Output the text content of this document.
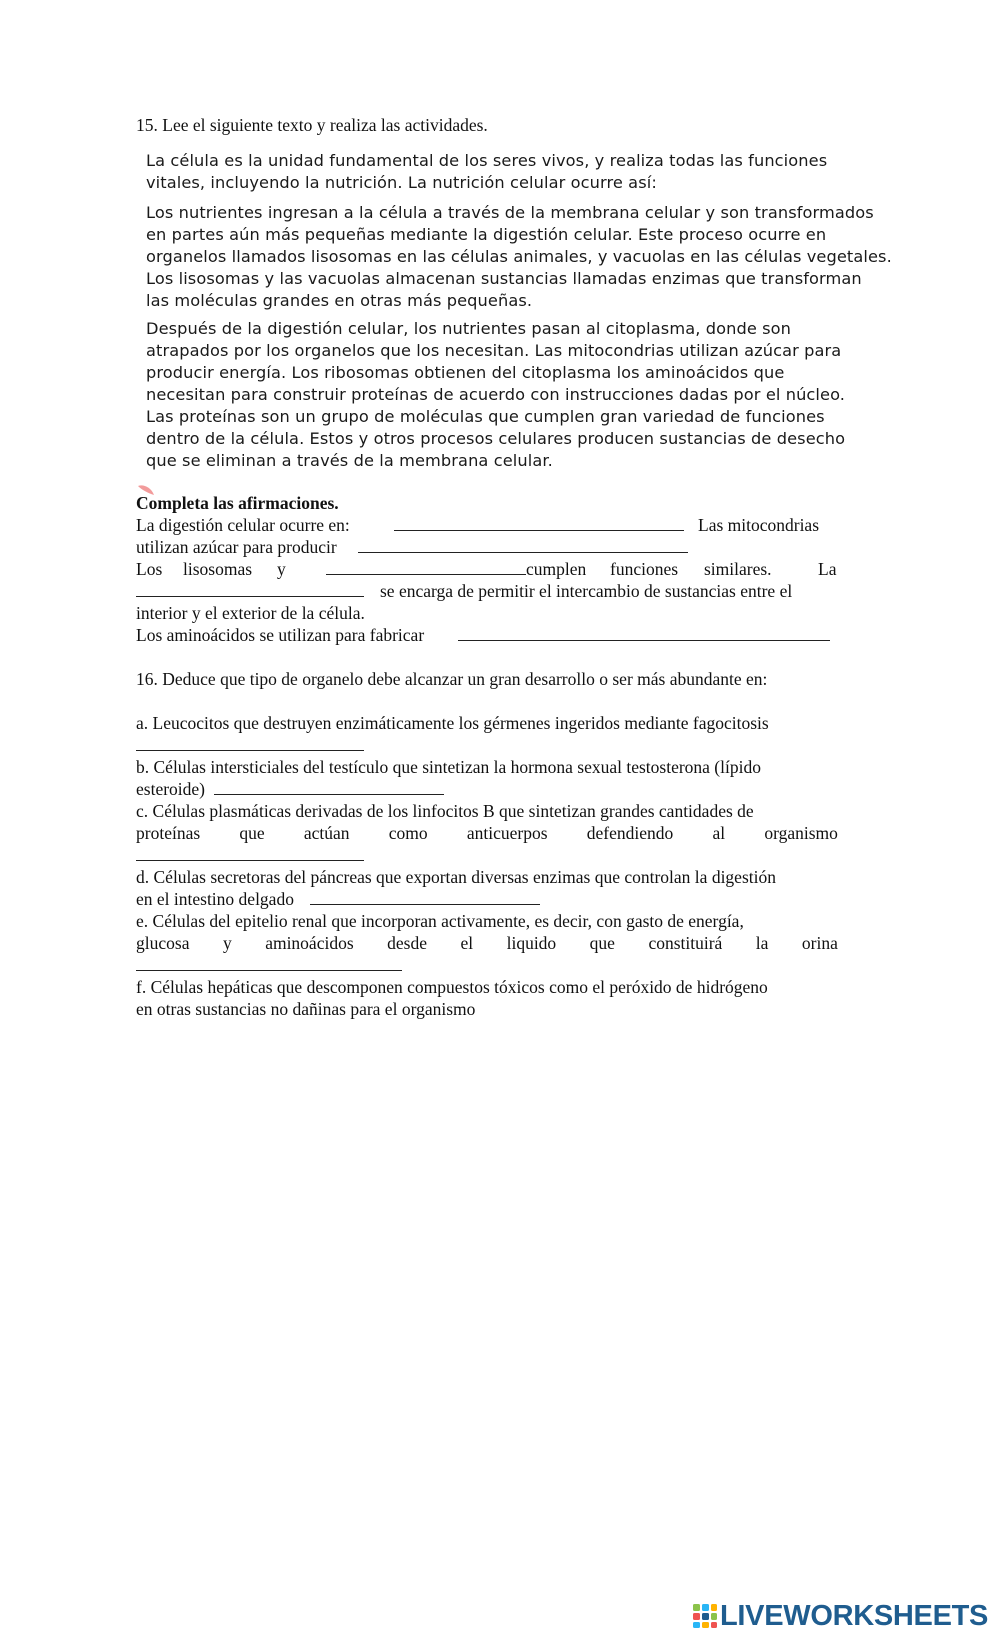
15. Lee el siguiente texto y realiza las actividades.
La célula es la unidad fundamental de los seres vivos, y realiza todas las funciones
vitales, incluyendo la nutrición. La nutrición celular ocurre así:
Los nutrientes ingresan a la célula a través de la membrana celular y son transformados
en partes aún más pequeñas mediante la digestión celular. Este proceso ocurre en
organelos llamados lisosomas en las células animales, y vacuolas en las células vegetales.
Los lisosomas y las vacuolas almacenan sustancias llamadas enzimas que transforman
las moléculas grandes en otras más pequeñas.
Después de la digestión celular, los nutrientes pasan al citoplasma, donde son
atrapados por los organelos que los necesitan. Las mitocondrias utilizan azúcar para
producir energía. Los ribosomas obtienen del citoplasma los aminoácidos que
necesitan para construir proteínas de acuerdo con instrucciones dadas por el núcleo.
Las proteínas son un grupo de moléculas que cumplen gran variedad de funciones
dentro de la célula. Estos y otros procesos celulares producen sustancias de desecho
que se eliminan a través de la membrana celular.
Completa las afirmaciones.
La digestión celular ocurre en:	Las mitocondrias
utilizan azúcar para producir
Los lisosomas y	cumplen funciones similares.	La
se encarga de permitir el intercambio de sustancias entre el
interior y el exterior de la célula.
Los aminoácidos se utilizan para fabricar
16. Deduce que tipo de organelo debe alcanzar un gran desarrollo o ser más abundante en:
a. Leucocitos que destruyen enzimáticamente los gérmenes ingeridos mediante fagocitosis
b. Células intersticiales del testículo que sintetizan la hormona sexual testosterona (lípido
esteroide)
c. Células plasmáticas derivadas de los linfocitos B que sintetizan grandes cantidades de
proteínas que actúan como anticuerpos defendiendo al organismo
d. Células secretoras del páncreas que exportan diversas enzimas que controlan la digestión
en el intestino delgado
e. Células del epitelio renal que incorporan activamente, es decir, con gasto de energía,
glucosa y aminoácidos desde el liquido que constituirá la orina
f. Células hepáticas que descomponen compuestos tóxicos como el peróxido de hidrógeno
en otras sustancias no dañinas para el organismo
LIVEWORKSHEETS
